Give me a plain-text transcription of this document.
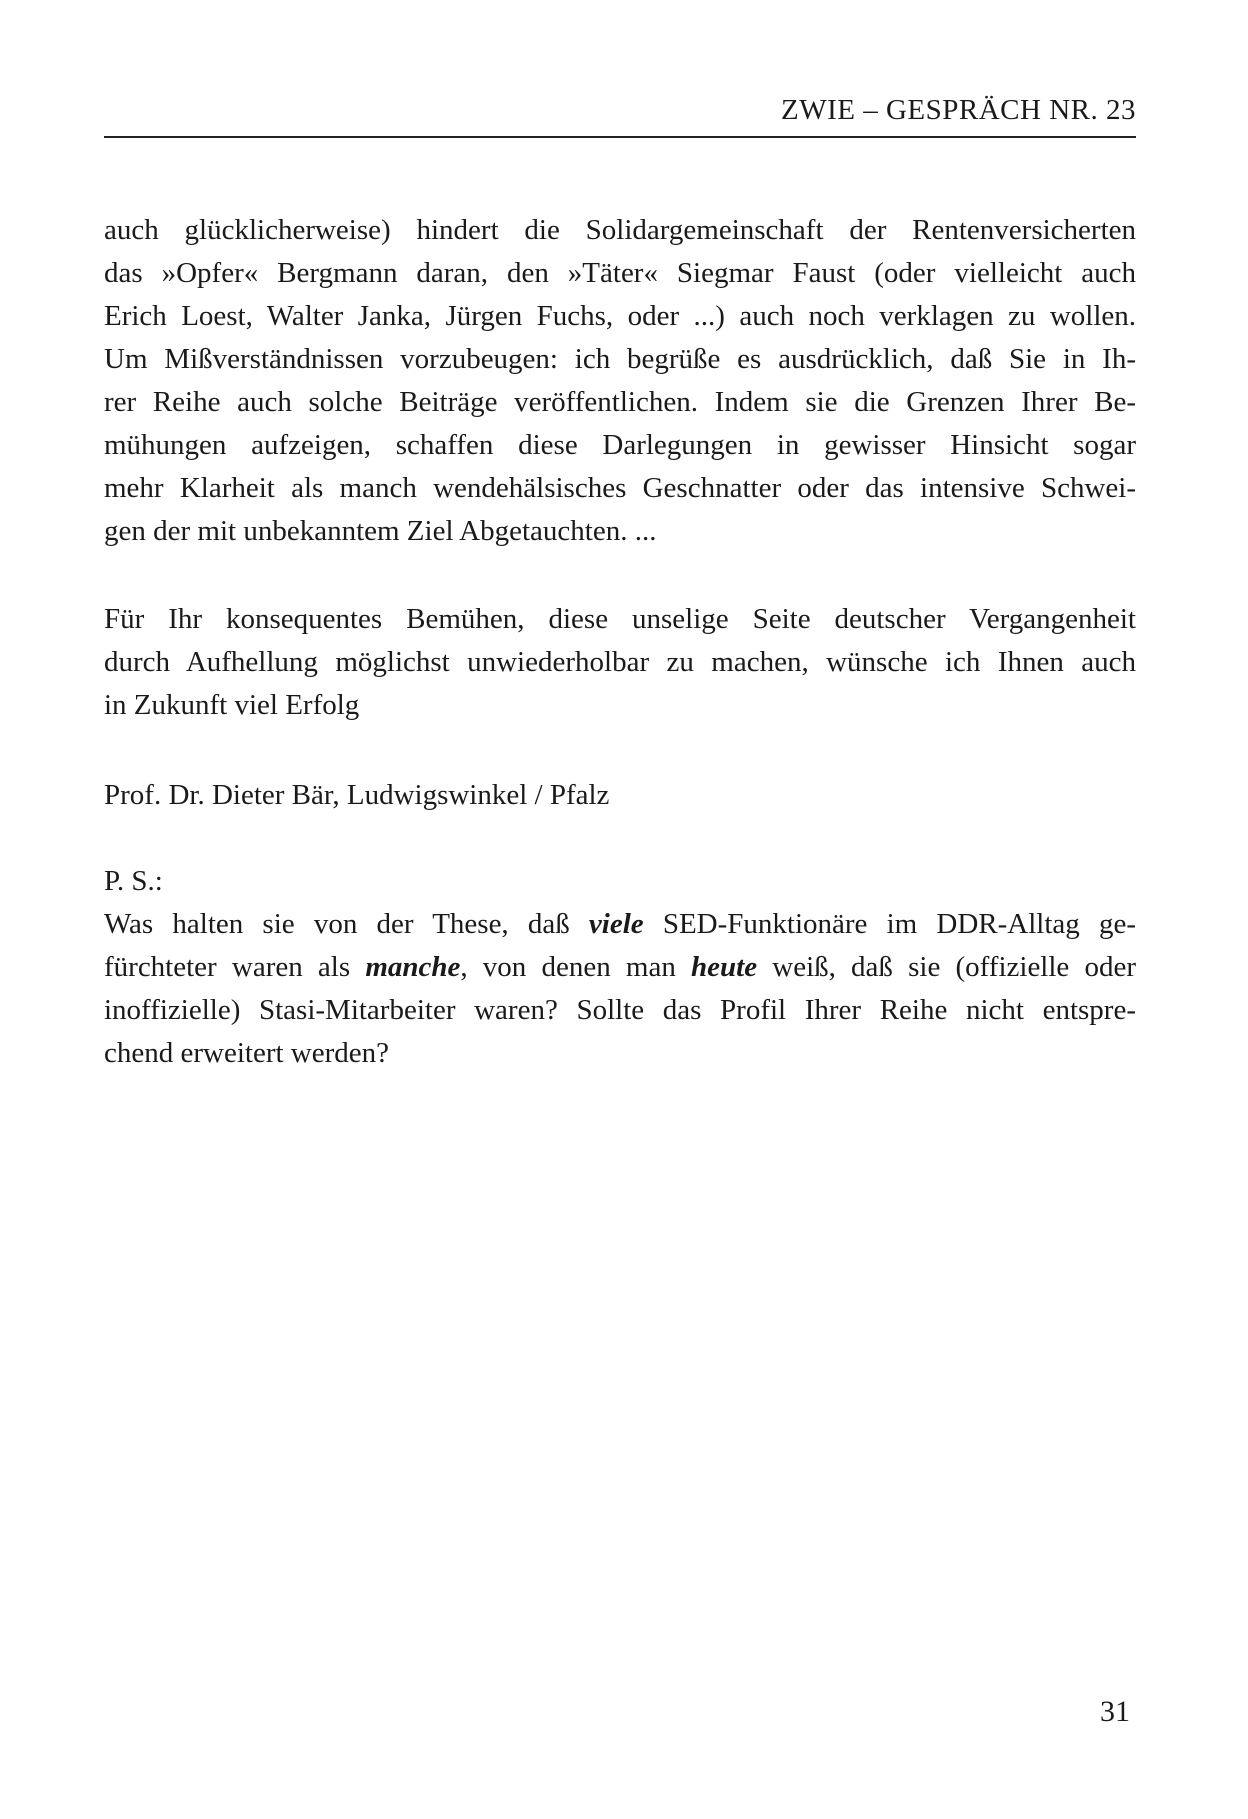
ZWIE – GESPRÄCH NR. 23
auch glücklicherweise) hindert die Solidargemeinschaft der Rentenversicherten
das »Opfer« Bergmann daran, den »Täter« Siegmar Faust (oder vielleicht auch
Erich Loest, Walter Janka, Jürgen Fuchs, oder ...) auch noch verklagen zu wollen.
Um Mißverständnissen vorzubeugen: ich begrüße es ausdrücklich, daß Sie in Ih-
rer Reihe auch solche Beiträge veröffentlichen. Indem sie die Grenzen Ihrer Be-
mühungen aufzeigen, schaffen diese Darlegungen in gewisser Hinsicht sogar
mehr Klarheit als manch wendehälsisches Geschnatter oder das intensive Schwei-
gen der mit unbekanntem Ziel Abgetauchten. ...
Für Ihr konsequentes Bemühen, diese unselige Seite deutscher Vergangenheit
durch Aufhellung möglichst unwiederholbar zu machen, wünsche ich Ihnen auch
in Zukunft viel Erfolg
Prof. Dr. Dieter Bär, Ludwigswinkel / Pfalz
P. S.:
Was halten sie von der These, daß viele SED-Funktionäre im DDR-Alltag ge-
fürchteter waren als manche, von denen man heute weiß, daß sie (offizielle oder
inoffizielle) Stasi-Mitarbeiter waren? Sollte das Profil Ihrer Reihe nicht entspre-
chend erweitert werden?
31
